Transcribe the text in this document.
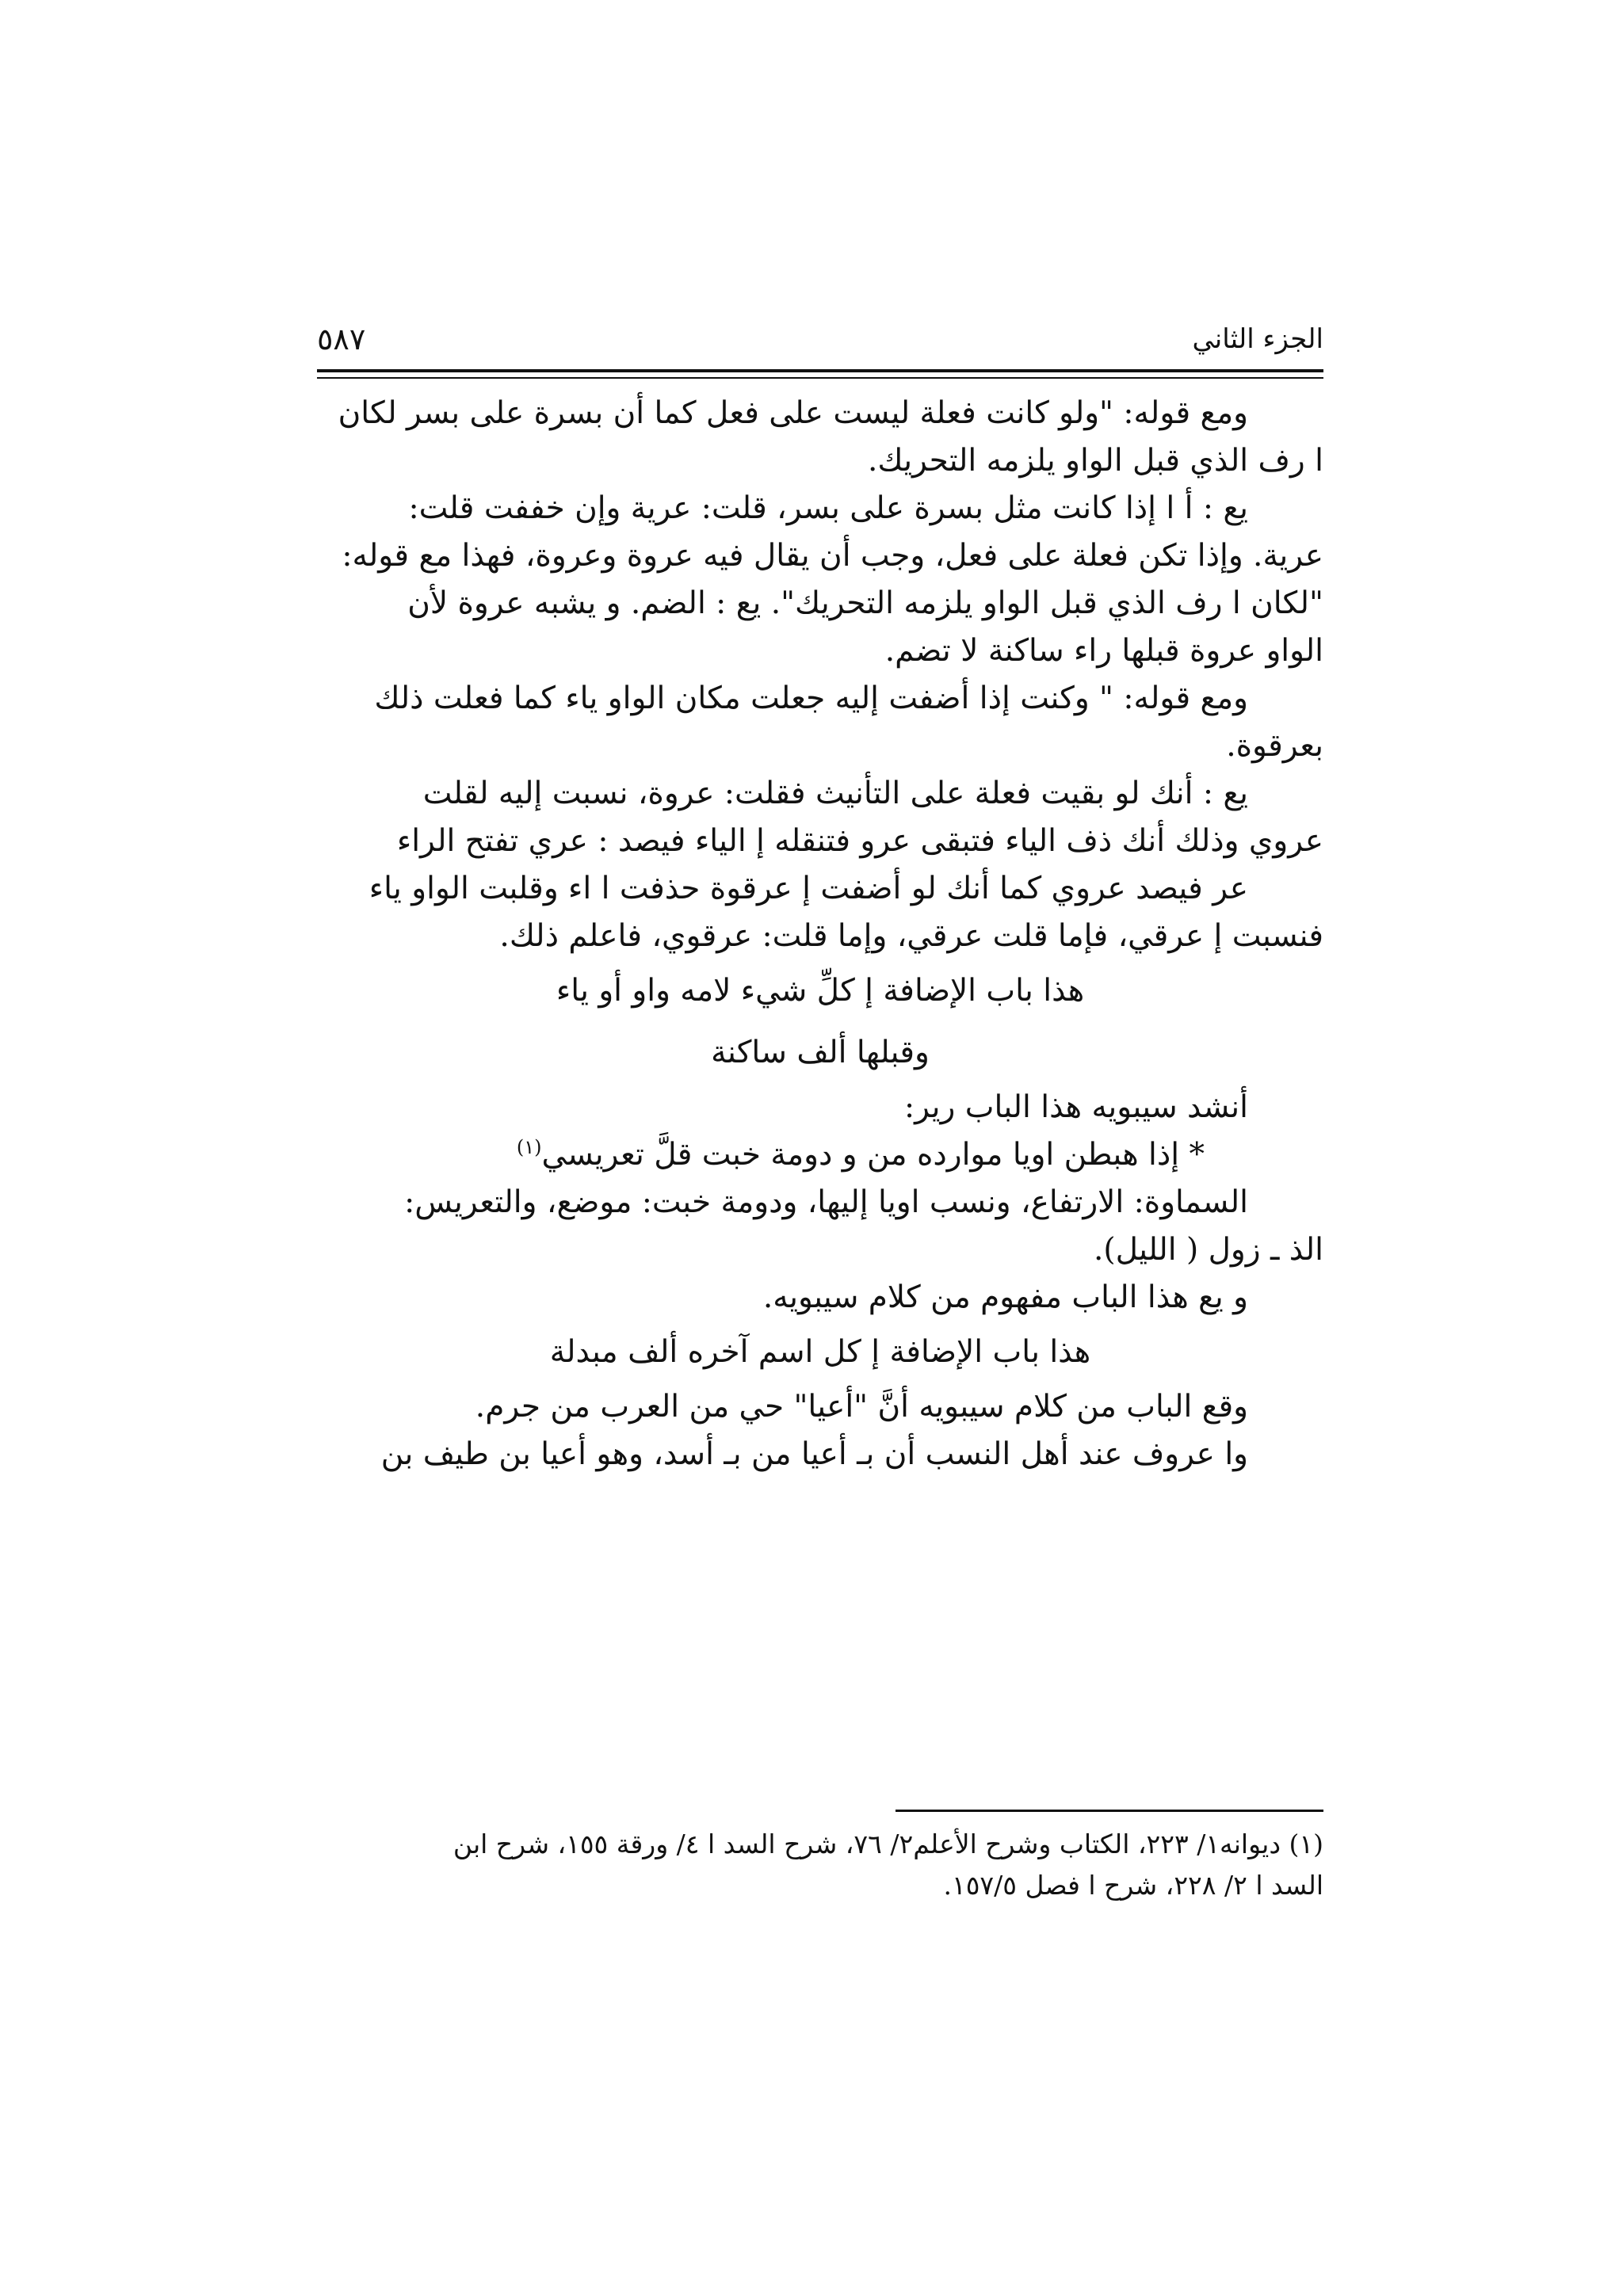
الجزء الثاني
٥٨٧
ومع قوله: "ولو كانت فعلة ليست على فعل كما أن بسرة على بسر لكان
ا رف الذي قبل الواو يلزمه التحريك.
يع : أ ا إذا كانت مثل بسرة على بسر، قلت: عرية وإن خففت قلت:
عرية. وإذا تكن فعلة على فعل، وجب أن يقال فيه عروة وعروة، فهذا مع قوله:
"لكان ا رف الذي قبل الواو يلزمه التحريك". يع : الضم. و يشبه عروة لأن
الواو عروة قبلها راء ساكنة لا تضم.
ومع قوله: " وكنت إذا أضفت إليه جعلت مكان الواو ياء كما فعلت ذلك
بعرقوة.
يع : أنك لو بقيت فعلة على التأنيث فقلت: عروة، نسبت إليه لقلت
عروي وذلك أنك ذف الياء فتبقى عرو فتنقله إ الياء فيصد : عري تفتح الراء
عر فيصد عروي كما أنك لو أضفت إ عرقوة حذفت ا اء وقلبت الواو ياء
فنسبت إ عرقي، فإما قلت عرقي، وإما قلت: عرقوي، فاعلم ذلك.
هذا باب الإضافة إ كلِّ شيء لامه واو أو ياء
وقبلها ألف ساكنة
أنشد سيبويه هذا الباب رير:
* إذا هبطن اويا موارده من و دومة خبت قلَّ تعريسي$^{(١)}$
السماوة: الارتفاع، ونسب اويا إليها، ودومة خبت: موضع، والتعريس:
الذ ـ زول ( الليل).
و يع هذا الباب مفهوم من كلام سيبويه.
هذا باب الإضافة إ كل اسم آخره ألف مبدلة
وقع الباب من كلام سيبويه أنَّ "أعيا" حي من العرب من جرم.
وا عروف عند أهل النسب أن بـ أعيا من بـ أسد، وهو أعيا بن طيف بن
(١) ديوانه١/ ٢٢٣، الكتاب وشرح الأعلم٢/ ٧٦، شرح السد ا ٤/ ورقة ١٥٥، شرح ابن
السد ا ٢/ ٢٢٨، شرح ا فصل ١٥٧/٥.
